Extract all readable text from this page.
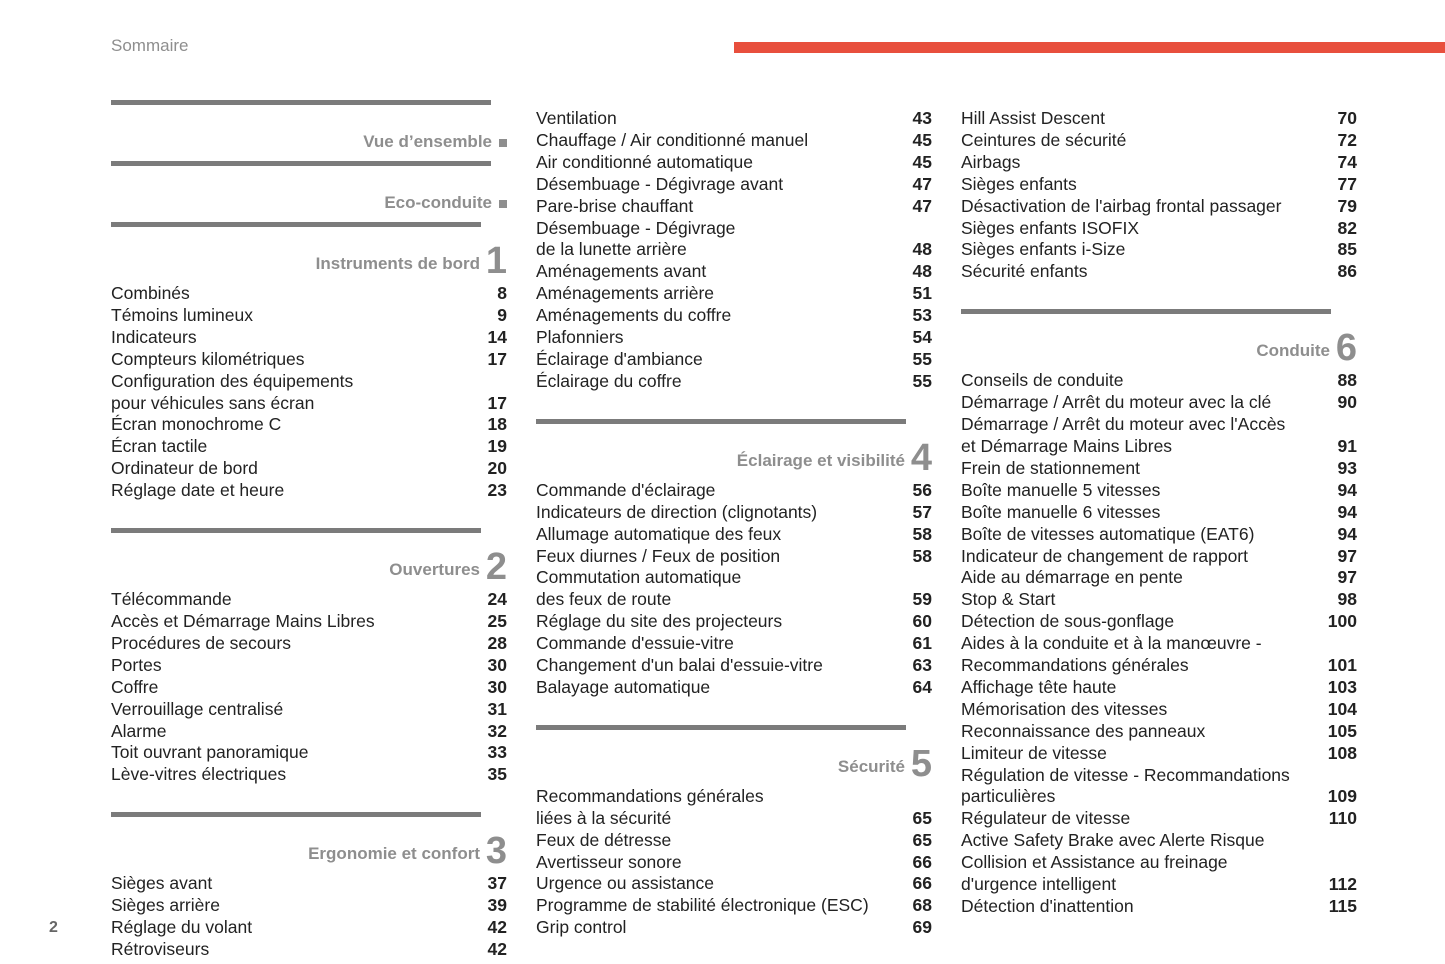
Sommaire
Vue d’ensemble
Eco-conduite
Instruments de bord 1
Combinés	8
Témoins lumineux	9
Indicateurs	14
Compteurs kilométriques	17
Configuration des équipements
pour véhicules sans écran	17
Écran monochrome C	18
Écran tactile	19
Ordinateur de bord	20
Réglage date et heure	23
Ouvertures 2
Télécommande	24
Accès et Démarrage Mains Libres	25
Procédures de secours	28
Portes	30
Coffre	30
Verrouillage centralisé	31
Alarme	32
Toit ouvrant panoramique	33
Lève-vitres électriques	35
Ergonomie et confort 3
Sièges avant	37
Sièges arrière	39
Réglage du volant	42
Rétroviseurs	42
Ventilation	43
Chauffage / Air conditionné manuel	45
Air conditionné automatique	45
Désembuage - Dégivrage avant	47
Pare-brise chauffant	47
Désembuage - Dégivrage
de la lunette arrière	48
Aménagements avant	48
Aménagements arrière	51
Aménagements du coffre	53
Plafonniers	54
Éclairage d'ambiance	55
Éclairage du coffre	55
Éclairage et visibilité 4
Commande d'éclairage	56
Indicateurs de direction (clignotants)	57
Allumage automatique des feux	58
Feux diurnes / Feux de position	58
Commutation automatique
des feux de route	59
Réglage du site des projecteurs	60
Commande d'essuie-vitre	61
Changement d'un balai d'essuie-vitre	63
Balayage automatique	64
Sécurité 5
Recommandations générales
liées à la sécurité	65
Feux de détresse	65
Avertisseur sonore	66
Urgence ou assistance	66
Programme de stabilité électronique (ESC)	68
Grip control	69
Hill Assist Descent	70
Ceintures de sécurité	72
Airbags	74
Sièges enfants	77
Désactivation de l'airbag frontal passager	79
Sièges enfants ISOFIX	82
Sièges enfants i-Size	85
Sécurité enfants	86
Conduite 6
Conseils de conduite	88
Démarrage / Arrêt du moteur avec la clé	90
Démarrage / Arrêt du moteur avec l'Accès
et Démarrage Mains Libres	91
Frein de stationnement	93
Boîte manuelle 5 vitesses	94
Boîte manuelle 6 vitesses	94
Boîte de vitesses automatique (EAT6)	94
Indicateur de changement de rapport	97
Aide au démarrage en pente	97
Stop & Start	98
Détection de sous-gonflage	100
Aides à la conduite et à la manœuvre -
Recommandations générales	101
Affichage tête haute	103
Mémorisation des vitesses	104
Reconnaissance des panneaux	105
Limiteur de vitesse	108
Régulation de vitesse - Recommandations
particulières	109
Régulateur de vitesse	110
Active Safety Brake avec Alerte Risque
Collision et Assistance au freinage
d'urgence intelligent	112
Détection d'inattention	115
2
